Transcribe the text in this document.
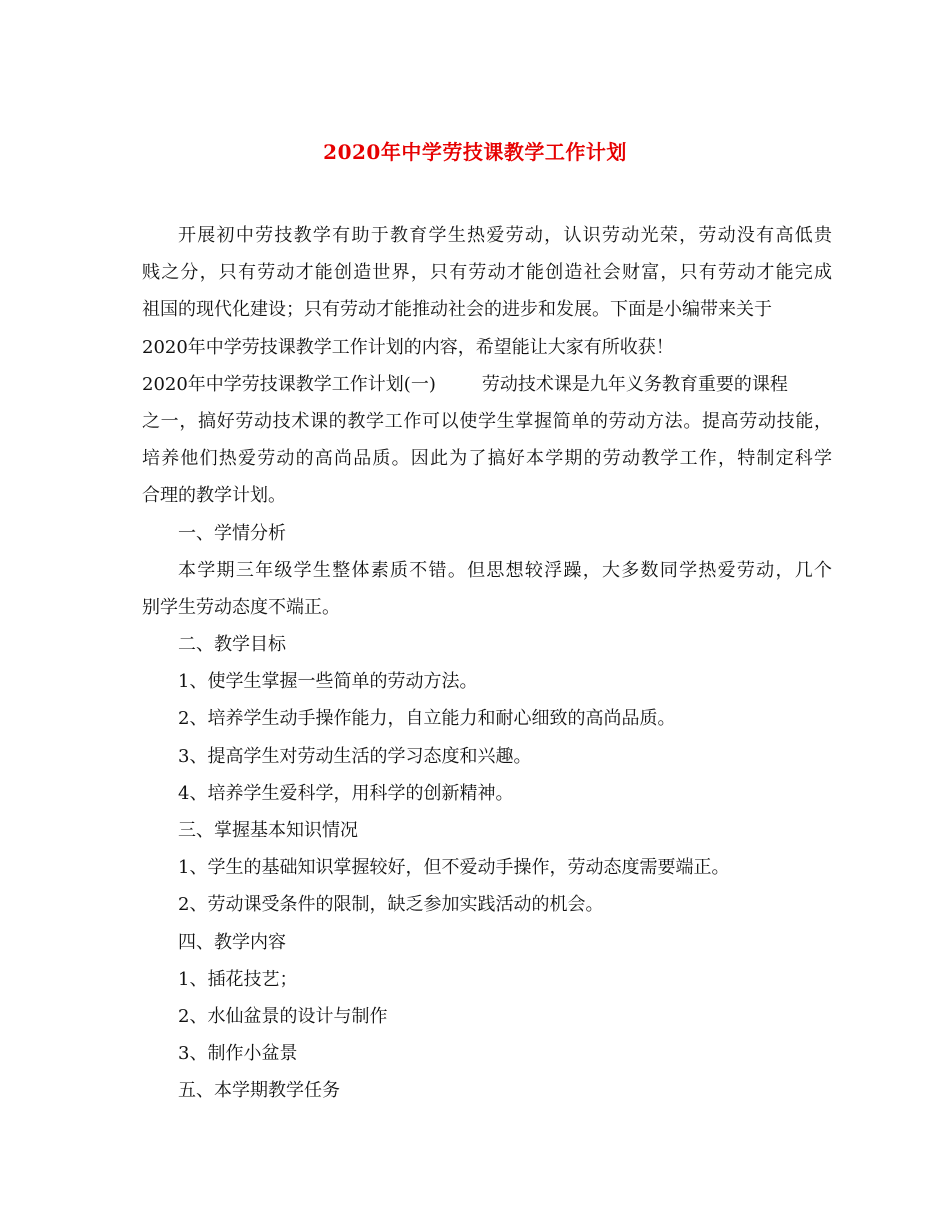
2020年中学劳技课教学工作计划
开展初中劳技教学有助于教育学生热爱劳动，认识劳动光荣，劳动没有高低贵
贱之分，只有劳动才能创造世界，只有劳动才能创造社会财富，只有劳动才能完成
祖国的现代化建设；只有劳动才能推动社会的进步和发展。下面是小编带来关于
2020年中学劳技课教学工作计划的内容，希望能让大家有所收获！
2020年中学劳技课教学工作计划(一)	劳动技术课是九年义务教育重要的课程
之一，搞好劳动技术课的教学工作可以使学生掌握简单的劳动方法。提高劳动技能，
培养他们热爱劳动的高尚品质。因此为了搞好本学期的劳动教学工作，特制定科学
合理的教学计划。
一、学情分析
本学期三年级学生整体素质不错。但思想较浮躁，大多数同学热爱劳动，几个
别学生劳动态度不端正。
二、教学目标
1、使学生掌握一些简单的劳动方法。
2、培养学生动手操作能力，自立能力和耐心细致的高尚品质。
3、提高学生对劳动生活的学习态度和兴趣。
4、培养学生爱科学，用科学的创新精神。
三、掌握基本知识情况
1、学生的基础知识掌握较好，但不爱动手操作，劳动态度需要端正。
2、劳动课受条件的限制，缺乏参加实践活动的机会。
四、教学内容
1、插花技艺；
2、水仙盆景的设计与制作
3、制作小盆景
五、本学期教学任务
